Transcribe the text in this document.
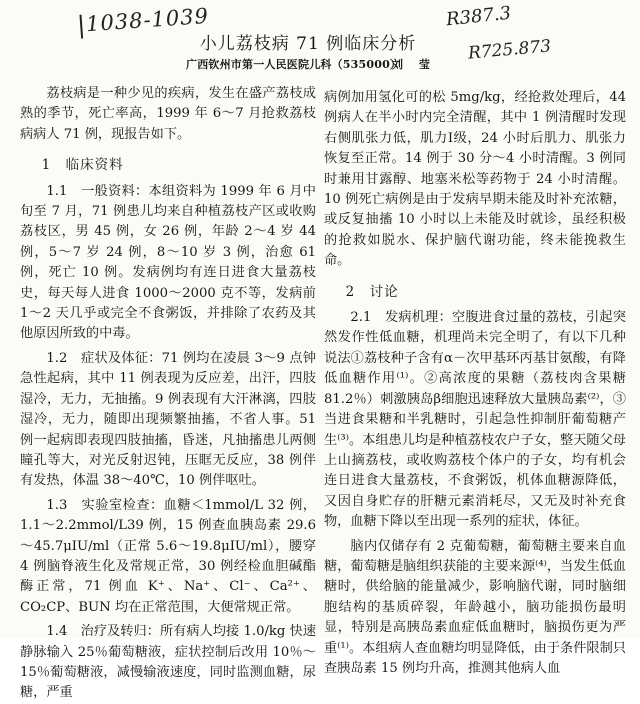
1038-1039	R387.3
R725.873
小儿荔枝病 71 例临床分析
广西钦州市第一人民医院儿科（535000）
刘 莹

荔枝病是一种少见的疾病，发生在盛产荔枝成熟的季节，死亡率高，1999 年 6～7 月抢救荔枝病病人 71 例，现报告如下。

1　临床资料

1.1　一般资料：本组资料为 1999 年 6 月中旬至 7 月，71 例患儿均来自种植荔枝产区或收购荔枝区，男 45 例，女 26 例，年龄 2～4 岁 44 例，5～7 岁 24 例，8～10 岁 3 例，治愈 61 例，死亡 10 例。发病例均有连日进食大量荔枝史，每天每人进食 1000～2000 克不等，发病前 1～2 天几乎或完全不食粥饭，并排除了农药及其他原因所致的中毒。

1.2　症状及体征：71 例均在凌晨 3～9 点钟急性起病，其中 11 例表现为反应差，出汗，四肢湿冷，无力，无抽搐。9 例表现有大汗淋漓，四肢湿冷，无力，随即出现频繁抽搐，不省人事。51 例一起病即表现四肢抽搐，昏迷，凡抽搐患儿两侧瞳孔等大，对光反射迟钝，压眶无反应，38 例伴有发热，体温 38～40℃，10 例伴呕吐。

1.3　实验室检查：血糖＜1mmol/L 32 例，1.1～2.2mmol/L39 例，15 例查血胰岛素 29.6～45.7μIU/ml（正常 5.6～19.8μIU/ml），腰穿 4 例脑脊液生化及常规正常，30 例经检血胆碱酯酶正常，71 例血 K⁺、Na⁺、Cl⁻、Ca²⁺、CO₂CP、BUN 均在正常范围，大便常规正常。

1.4　治疗及转归：所有病人均接 1.0/kg 快速静脉输入 25％葡萄糖液，症状控制后改用 10％～15％葡萄糖液，减慢输液速度，同时监测血糖，尿糖，严重

病例加用氢化可的松 5mg/kg，经抢救处理后，44 例病人在半小时内完全清醒，其中 1 例清醒时发现右侧肌张力低，肌力Ⅰ级，24 小时后肌力、肌张力恢复至正常。14 例于 30 分～4 小时清醒。3 例同时兼用甘露醇、地塞米松等药物于 24 小时清醒。10 例死亡病例是由于发病早期未能及时补充浓糖，或反复抽搐 10 小时以上未能及时就诊，虽经积极的抢救如脱水、保护脑代谢功能，终未能挽救生命。

2　讨论

2.1　发病机理：空腹进食过量的荔枝，引起突然发作性低血糖，机理尚未完全明了，有以下几种说法①荔枝种子含有α－次甲基环丙基甘氨酸，有降低血糖作用⁽¹⁾。②高浓度的果糖（荔枝肉含果糖 81.2％）刺激胰岛β细胞迅速释放大量胰岛素⁽²⁾，③当进食果糖和半乳糖时，引起急性抑制肝葡萄糖产生⁽³⁾。本组患儿均是种植荔枝农户子女，整天随父母上山摘荔枝，或收购荔枝个体户的子女，均有机会连日进食大量荔枝，不食粥饭，机体血糖源降低，又因自身贮存的肝糖元素消耗尽，又无及时补充食物，血糖下降以至出现一系列的症状，体征。

脑内仅储存有 2 克葡萄糖，葡萄糖主要来自血糖，葡萄糖是脑组织获能的主要来源⁽⁴⁾，当发生低血糖时，供给脑的能量减少，影响脑代谢，同时脑细胞结构的基质碎裂，年龄越小，脑功能损伤最明显，特别是高胰岛素血症低血糖时，脑损伤更为严重⁽¹⁾。本组病人查血糖均明显降低，由于条件限制只查胰岛素 15 例均升高，推测其他病人血
